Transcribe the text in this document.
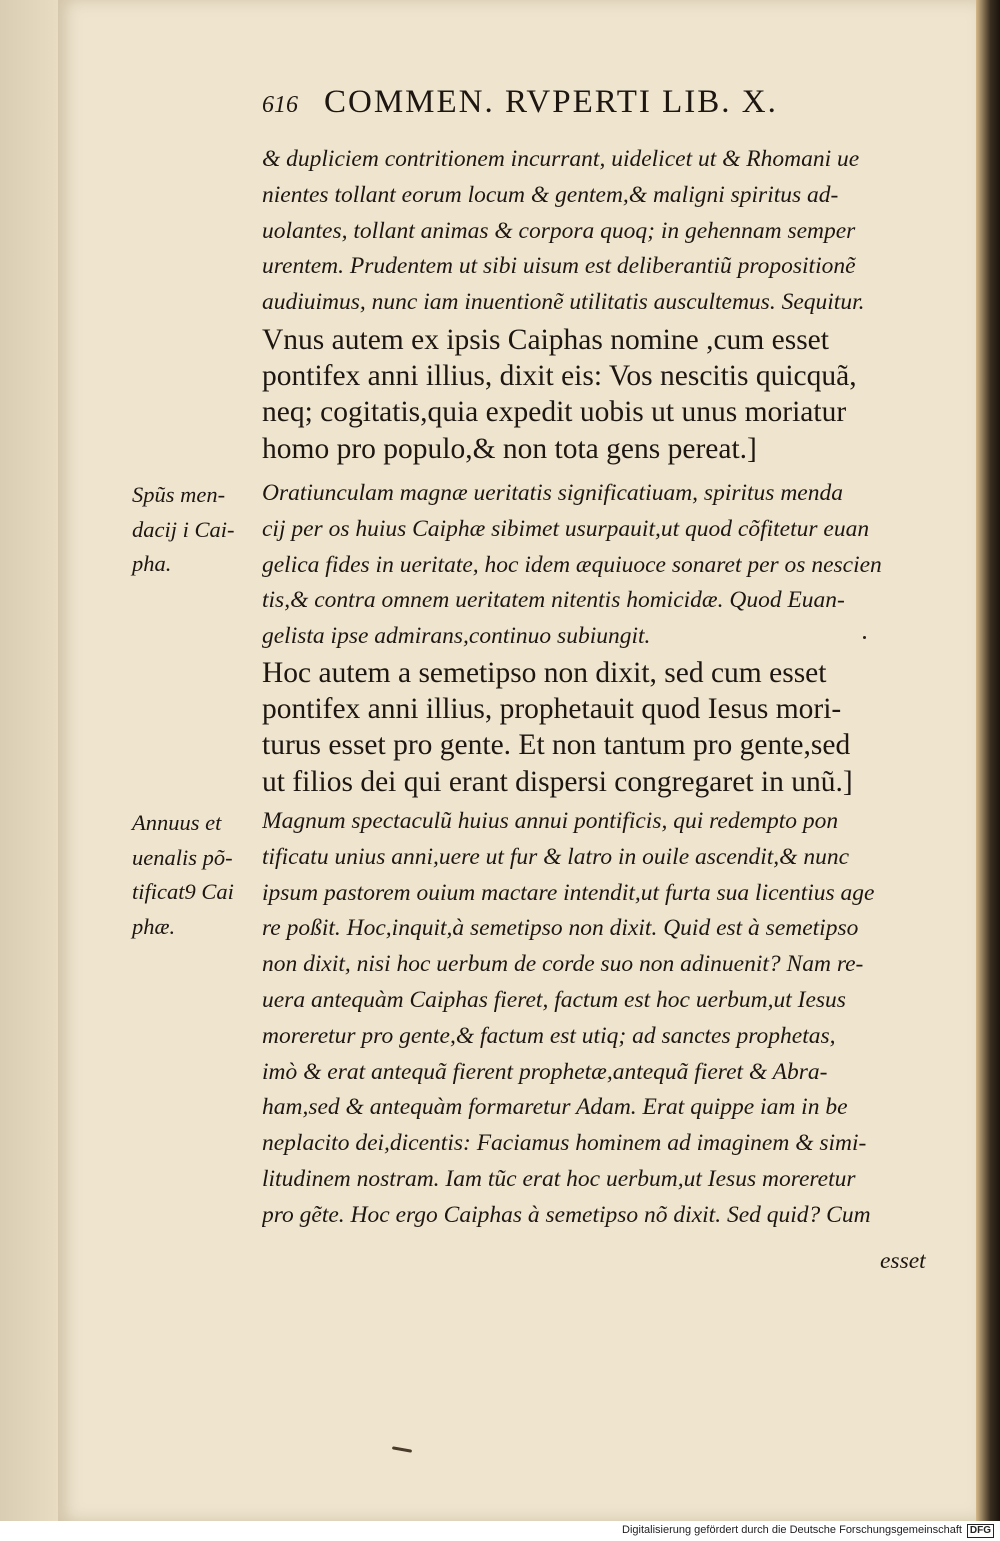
616 COMMEN. RVPERTI LIB. X.
& dupliciem contritionem incurrant, uidelicet ut & Rhomani ue
nientes tollant eorum locum & gentem,& maligni spiritus ad-
uolantes, tollant animas & corpora quoq; in gehennam semper
urentem. Prudentem ut sibi uisum est deliberantiũ propositionẽ
audiuimus, nunc iam inuentionẽ utilitatis auscultemus. Sequitur.
Vnus autem ex ipsis Caiphas nomine ,cum esset
pontifex anni illius, dixit eis: Vos nescitis quicquã,
neq; cogitatis,quia expedit uobis ut unus moriatur
homo pro populo,& non tota gens pereat.]
Spũs men-
dacij i Cai-
pha.
Oratiunculam magnæ ueritatis significatiuam, spiritus menda
cij per os huius Caiphæ sibimet usurpauit,ut quod cõfitetur euan
gelica fides in ueritate, hoc idem æquiuoce sonaret per os nescien
tis,& contra omnem ueritatem nitentis homicidæ. Quod Euan-
gelista ipse admirans,continuo subiungit.
Hoc autem a semetipso non dixit, sed cum esset
pontifex anni illius, prophetauit quod Iesus mori-
turus esset pro gente. Et non tantum pro gente,sed
ut filios dei qui erant dispersi congregaret in unũ.]
Annuus et
uenalis põ-
tificat9 Cai
phæ.
Magnum spectaculũ huius annui pontificis, qui redempto pon
tificatu unius anni,uere ut fur & latro in ouile ascendit,& nunc
ipsum pastorem ouium mactare intendit,ut furta sua licentius age
re poßit. Hoc,inquit,à semetipso non dixit. Quid est à semetipso
non dixit, nisi hoc uerbum de corde suo non adinuenit? Nam re-
uera antequàm Caiphas fieret, factum est hoc uerbum,ut Iesus
moreretur pro gente,& factum est utiq; ad sanctes prophetas,
imò & erat antequã fierent prophetæ,antequã fieret & Abra-
ham,sed & antequàm formaretur Adam. Erat quippe iam in be
neplacito dei,dicentis: Faciamus hominem ad imaginem & simi-
litudinem nostram. Iam tũc erat hoc uerbum,ut Iesus moreretur
pro gẽte. Hoc ergo Caiphas à semetipso nõ dixit. Sed quid? Cum
esset
Digitalisierung gefördert durch die Deutsche Forschungsgemeinschaft DFG
